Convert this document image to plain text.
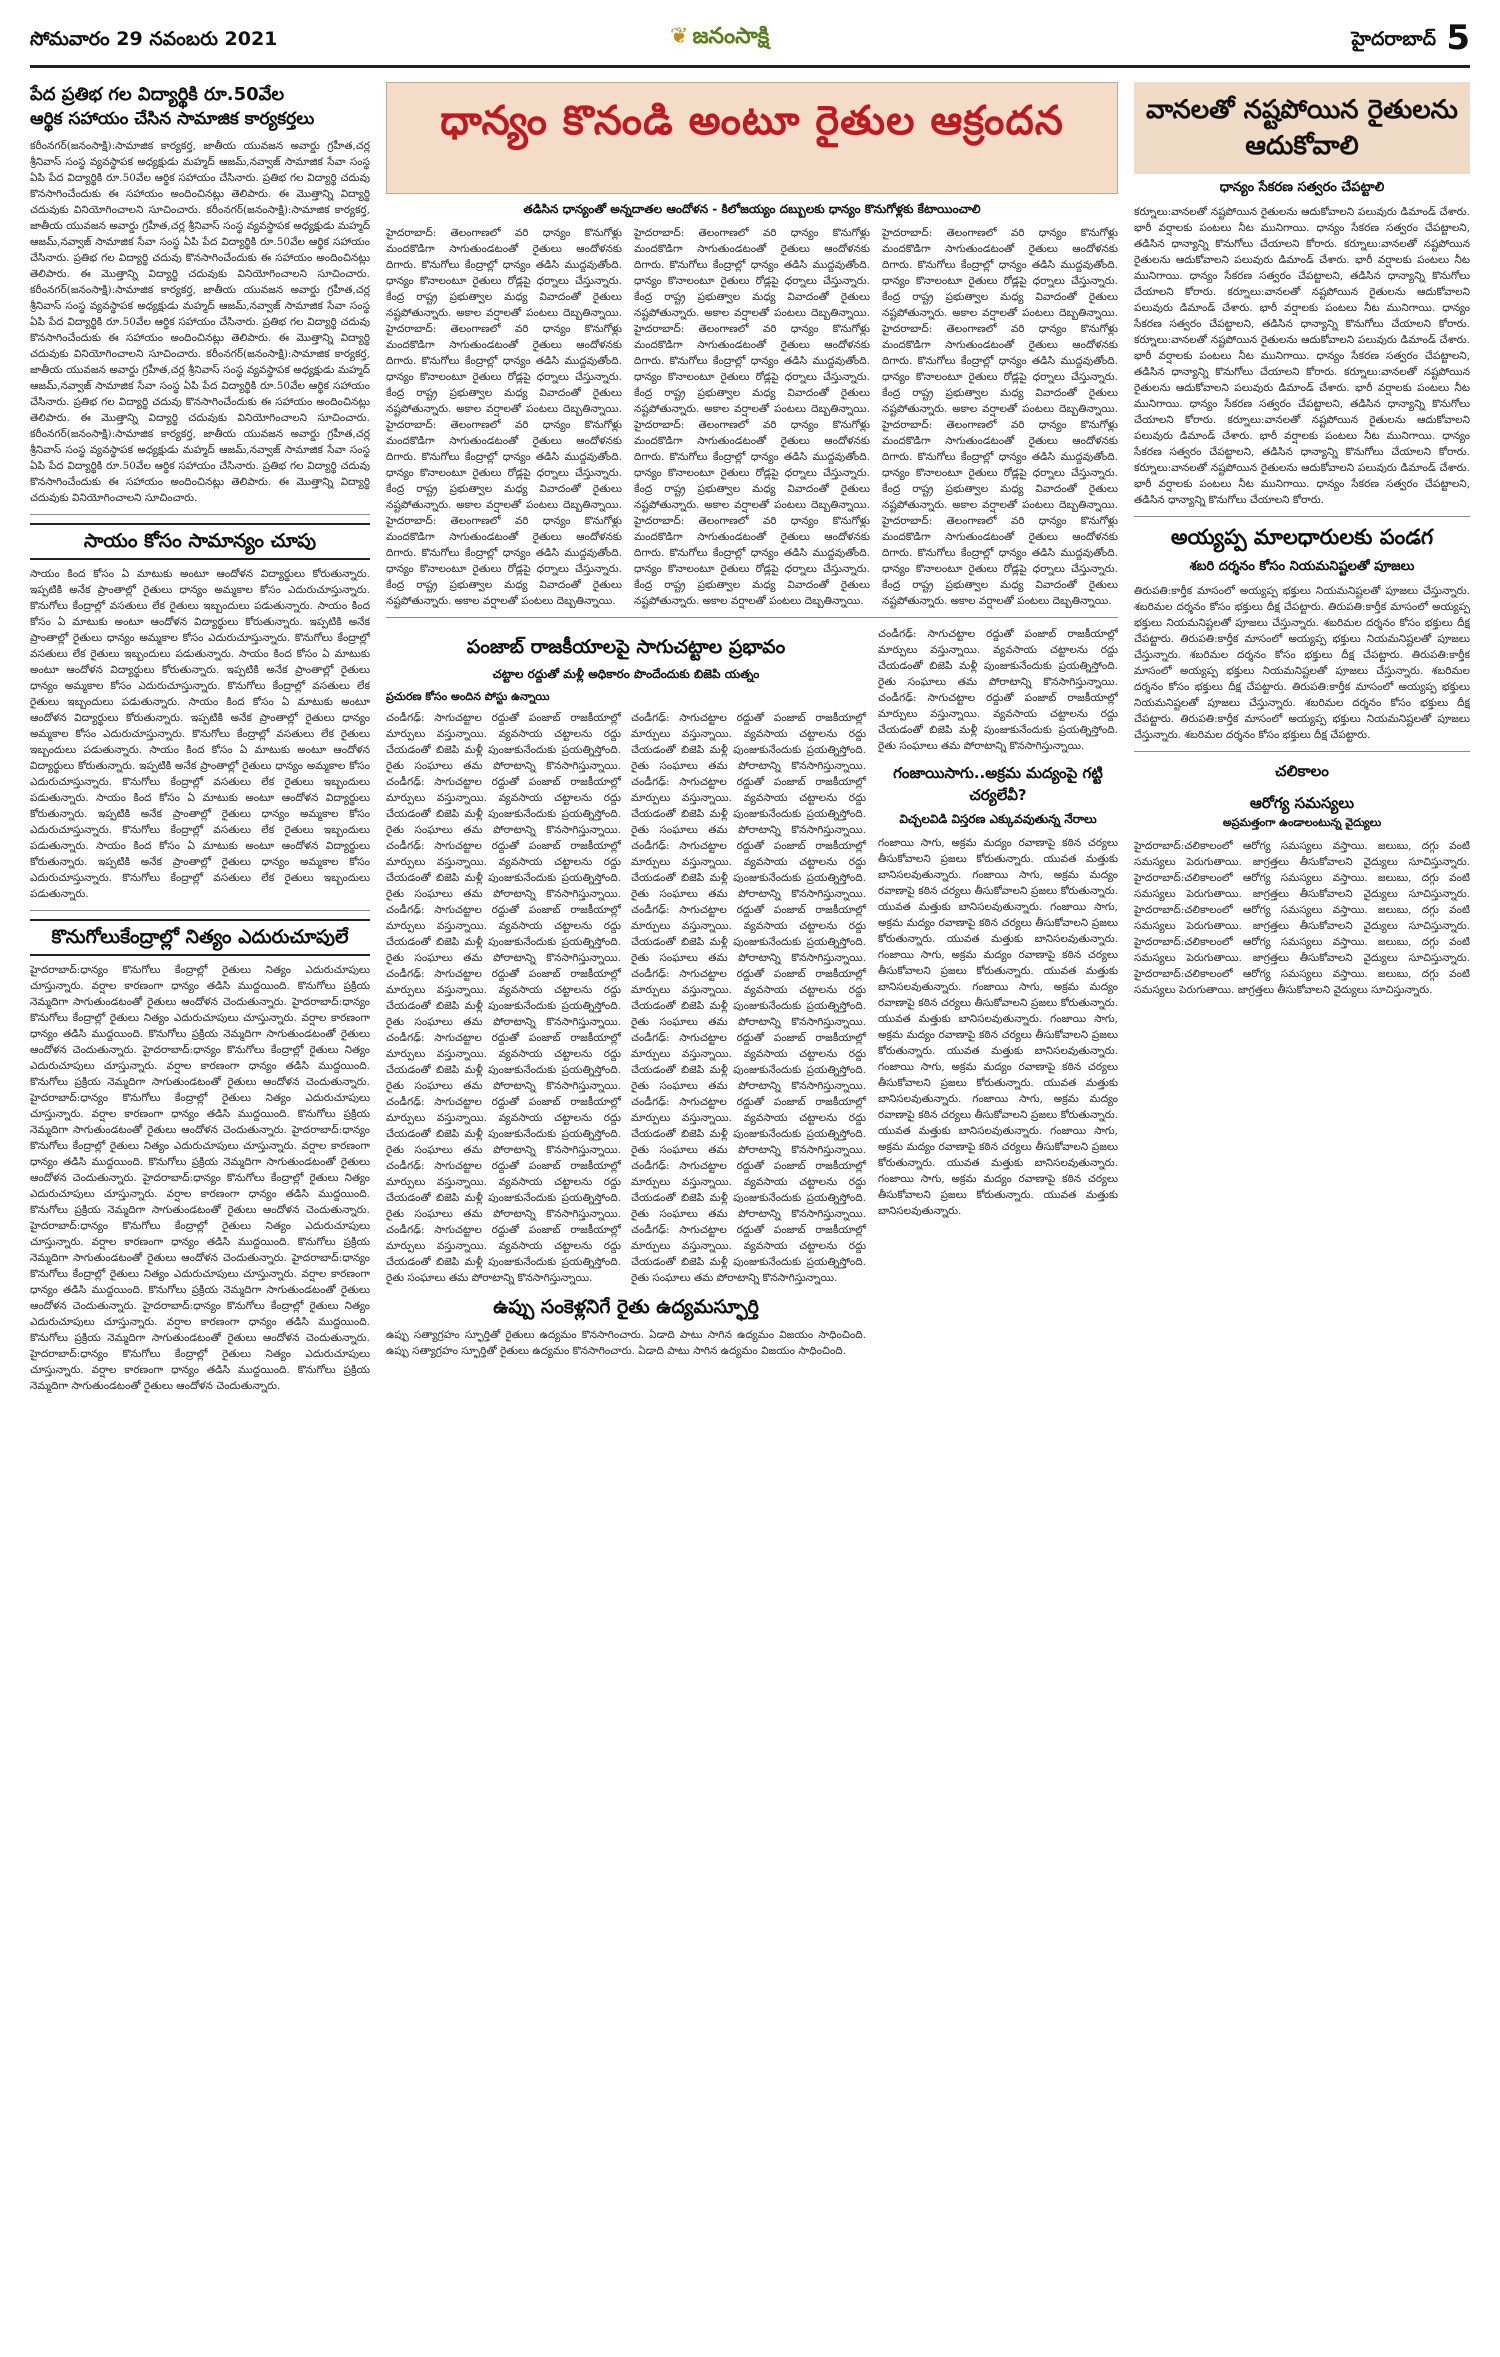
సోమవారం 29 నవంబరు 2021	❦ జనంసాక్షి	హైదరాబాద్ 5
పేద ప్రతిభ గల విద్యార్థికి రూ.50వేల
ఆర్థిక సహాయం చేసిన సామాజిక కార్యకర్తలు
కరీంనగర్(జనంసాక్షి):సామాజిక కార్యకర్త, జాతీయ యువజన అవార్డు గ్రహీత,చర్ల శ్రీనివాస్ సంస్థ వ్యవస్థాపక అధ్యక్షుడు మహ్మద్ ఆజమ్,నవ్వాజ్ సామాజిక సేవా సంస్థ ఏపి పేద విద్యార్థికి రూ.50వేల ఆర్థిక సహాయం చేసినారు. ప్రతిభ గల విద్యార్థి చదువు కొనసాగించేందుకు ఈ సహాయం అందించినట్లు తెలిపారు. ఈ మొత్తాన్ని విద్యార్థి చదువుకు వినియోగించాలని సూచించారు. కరీంనగర్(జనంసాక్షి):సామాజిక కార్యకర్త, జాతీయ యువజన అవార్డు గ్రహీత,చర్ల శ్రీనివాస్ సంస్థ వ్యవస్థాపక అధ్యక్షుడు మహ్మద్ ఆజమ్,నవ్వాజ్ సామాజిక సేవా సంస్థ ఏపి పేద విద్యార్థికి రూ.50వేల ఆర్థిక సహాయం చేసినారు. ప్రతిభ గల విద్యార్థి చదువు కొనసాగించేందుకు ఈ సహాయం అందించినట్లు తెలిపారు. ఈ మొత్తాన్ని విద్యార్థి చదువుకు వినియోగించాలని సూచించారు. కరీంనగర్(జనంసాక్షి):సామాజిక కార్యకర్త, జాతీయ యువజన అవార్డు గ్రహీత,చర్ల శ్రీనివాస్ సంస్థ వ్యవస్థాపక అధ్యక్షుడు మహ్మద్ ఆజమ్,నవ్వాజ్ సామాజిక సేవా సంస్థ ఏపి పేద విద్యార్థికి రూ.50వేల ఆర్థిక సహాయం చేసినారు. ప్రతిభ గల విద్యార్థి చదువు కొనసాగించేందుకు ఈ సహాయం అందించినట్లు తెలిపారు. ఈ మొత్తాన్ని విద్యార్థి చదువుకు వినియోగించాలని సూచించారు. కరీంనగర్(జనంసాక్షి):సామాజిక కార్యకర్త, జాతీయ యువజన అవార్డు గ్రహీత,చర్ల శ్రీనివాస్ సంస్థ వ్యవస్థాపక అధ్యక్షుడు మహ్మద్ ఆజమ్,నవ్వాజ్ సామాజిక సేవా సంస్థ ఏపి పేద విద్యార్థికి రూ.50వేల ఆర్థిక సహాయం చేసినారు. ప్రతిభ గల విద్యార్థి చదువు కొనసాగించేందుకు ఈ సహాయం అందించినట్లు తెలిపారు. ఈ మొత్తాన్ని విద్యార్థి చదువుకు వినియోగించాలని సూచించారు. కరీంనగర్(జనంసాక్షి):సామాజిక కార్యకర్త, జాతీయ యువజన అవార్డు గ్రహీత,చర్ల శ్రీనివాస్ సంస్థ వ్యవస్థాపక అధ్యక్షుడు మహ్మద్ ఆజమ్,నవ్వాజ్ సామాజిక సేవా సంస్థ ఏపి పేద విద్యార్థికి రూ.50వేల ఆర్థిక సహాయం చేసినారు. ప్రతిభ గల విద్యార్థి చదువు కొనసాగించేందుకు ఈ సహాయం అందించినట్లు తెలిపారు. ఈ మొత్తాన్ని విద్యార్థి చదువుకు వినియోగించాలని సూచించారు.
సాయం కోసం సామాన్యం చూపు
సాయం కింద కోసం ఏ మాటుకు అంటూ ఆందోళన విద్యార్థులు కోరుతున్నారు. ఇప్పటికి అనేక ప్రాంతాల్లో రైతులు ధాన్యం అమ్మకాల కోసం ఎదురుచూస్తున్నారు. కొనుగోలు కేంద్రాల్లో వసతులు లేక రైతులు ఇబ్బందులు పడుతున్నారు. సాయం కింద కోసం ఏ మాటుకు అంటూ ఆందోళన విద్యార్థులు కోరుతున్నారు. ఇప్పటికి అనేక ప్రాంతాల్లో రైతులు ధాన్యం అమ్మకాల కోసం ఎదురుచూస్తున్నారు. కొనుగోలు కేంద్రాల్లో వసతులు లేక రైతులు ఇబ్బందులు పడుతున్నారు. సాయం కింద కోసం ఏ మాటుకు అంటూ ఆందోళన విద్యార్థులు కోరుతున్నారు. ఇప్పటికి అనేక ప్రాంతాల్లో రైతులు ధాన్యం అమ్మకాల కోసం ఎదురుచూస్తున్నారు. కొనుగోలు కేంద్రాల్లో వసతులు లేక రైతులు ఇబ్బందులు పడుతున్నారు. సాయం కింద కోసం ఏ మాటుకు అంటూ ఆందోళన విద్యార్థులు కోరుతున్నారు. ఇప్పటికి అనేక ప్రాంతాల్లో రైతులు ధాన్యం అమ్మకాల కోసం ఎదురుచూస్తున్నారు. కొనుగోలు కేంద్రాల్లో వసతులు లేక రైతులు ఇబ్బందులు పడుతున్నారు. సాయం కింద కోసం ఏ మాటుకు అంటూ ఆందోళన విద్యార్థులు కోరుతున్నారు. ఇప్పటికి అనేక ప్రాంతాల్లో రైతులు ధాన్యం అమ్మకాల కోసం ఎదురుచూస్తున్నారు. కొనుగోలు కేంద్రాల్లో వసతులు లేక రైతులు ఇబ్బందులు పడుతున్నారు. సాయం కింద కోసం ఏ మాటుకు అంటూ ఆందోళన విద్యార్థులు కోరుతున్నారు. ఇప్పటికి అనేక ప్రాంతాల్లో రైతులు ధాన్యం అమ్మకాల కోసం ఎదురుచూస్తున్నారు. కొనుగోలు కేంద్రాల్లో వసతులు లేక రైతులు ఇబ్బందులు పడుతున్నారు. సాయం కింద కోసం ఏ మాటుకు అంటూ ఆందోళన విద్యార్థులు కోరుతున్నారు. ఇప్పటికి అనేక ప్రాంతాల్లో రైతులు ధాన్యం అమ్మకాల కోసం ఎదురుచూస్తున్నారు. కొనుగోలు కేంద్రాల్లో వసతులు లేక రైతులు ఇబ్బందులు పడుతున్నారు.
కొనుగోలుకేంద్రాల్లో నిత్యం ఎదురుచూపులే
హైదరాబాద్:ధాన్యం కొనుగోలు కేంద్రాల్లో రైతులు నిత్యం ఎదురుచూపులు చూస్తున్నారు. వర్షాల కారణంగా ధాన్యం తడిసి ముద్దయింది. కొనుగోలు ప్రక్రియ నెమ్మదిగా సాగుతుండటంతో రైతులు ఆందోళన చెందుతున్నారు. హైదరాబాద్:ధాన్యం కొనుగోలు కేంద్రాల్లో రైతులు నిత్యం ఎదురుచూపులు చూస్తున్నారు. వర్షాల కారణంగా ధాన్యం తడిసి ముద్దయింది. కొనుగోలు ప్రక్రియ నెమ్మదిగా సాగుతుండటంతో రైతులు ఆందోళన చెందుతున్నారు. హైదరాబాద్:ధాన్యం కొనుగోలు కేంద్రాల్లో రైతులు నిత్యం ఎదురుచూపులు చూస్తున్నారు. వర్షాల కారణంగా ధాన్యం తడిసి ముద్దయింది. కొనుగోలు ప్రక్రియ నెమ్మదిగా సాగుతుండటంతో రైతులు ఆందోళన చెందుతున్నారు. హైదరాబాద్:ధాన్యం కొనుగోలు కేంద్రాల్లో రైతులు నిత్యం ఎదురుచూపులు చూస్తున్నారు. వర్షాల కారణంగా ధాన్యం తడిసి ముద్దయింది. కొనుగోలు ప్రక్రియ నెమ్మదిగా సాగుతుండటంతో రైతులు ఆందోళన చెందుతున్నారు. హైదరాబాద్:ధాన్యం కొనుగోలు కేంద్రాల్లో రైతులు నిత్యం ఎదురుచూపులు చూస్తున్నారు. వర్షాల కారణంగా ధాన్యం తడిసి ముద్దయింది. కొనుగోలు ప్రక్రియ నెమ్మదిగా సాగుతుండటంతో రైతులు ఆందోళన చెందుతున్నారు. హైదరాబాద్:ధాన్యం కొనుగోలు కేంద్రాల్లో రైతులు నిత్యం ఎదురుచూపులు చూస్తున్నారు. వర్షాల కారణంగా ధాన్యం తడిసి ముద్దయింది. కొనుగోలు ప్రక్రియ నెమ్మదిగా సాగుతుండటంతో రైతులు ఆందోళన చెందుతున్నారు. హైదరాబాద్:ధాన్యం కొనుగోలు కేంద్రాల్లో రైతులు నిత్యం ఎదురుచూపులు చూస్తున్నారు. వర్షాల కారణంగా ధాన్యం తడిసి ముద్దయింది. కొనుగోలు ప్రక్రియ నెమ్మదిగా సాగుతుండటంతో రైతులు ఆందోళన చెందుతున్నారు. హైదరాబాద్:ధాన్యం కొనుగోలు కేంద్రాల్లో రైతులు నిత్యం ఎదురుచూపులు చూస్తున్నారు. వర్షాల కారణంగా ధాన్యం తడిసి ముద్దయింది. కొనుగోలు ప్రక్రియ నెమ్మదిగా సాగుతుండటంతో రైతులు ఆందోళన చెందుతున్నారు. హైదరాబాద్:ధాన్యం కొనుగోలు కేంద్రాల్లో రైతులు నిత్యం ఎదురుచూపులు చూస్తున్నారు. వర్షాల కారణంగా ధాన్యం తడిసి ముద్దయింది. కొనుగోలు ప్రక్రియ నెమ్మదిగా సాగుతుండటంతో రైతులు ఆందోళన చెందుతున్నారు. హైదరాబాద్:ధాన్యం కొనుగోలు కేంద్రాల్లో రైతులు నిత్యం ఎదురుచూపులు చూస్తున్నారు. వర్షాల కారణంగా ధాన్యం తడిసి ముద్దయింది. కొనుగోలు ప్రక్రియ నెమ్మదిగా సాగుతుండటంతో రైతులు ఆందోళన చెందుతున్నారు.
ధాన్యం కొనండి అంటూ రైతుల ఆక్రందన
తడిసిన ధాన్యంతో అన్నదాతల ఆందోళన - కిలోజయ్యం దబ్బులకు ధాన్యం కొనుగోళ్లకు కేటాయించాలి
హైదరాబాద్‌: తెలంగాణలో వరి ధాన్యం కొనుగోళ్లు మందకొడిగా సాగుతుండటంతో రైతులు ఆందోళనకు దిగారు. కొనుగోలు కేంద్రాల్లో ధాన్యం తడిసి ముద్దవుతోంది. ధాన్యం కొనాలంటూ రైతులు రోడ్లపై ధర్నాలు చేస్తున్నారు. కేంద్ర రాష్ట్ర ప్రభుత్వాల మధ్య వివాదంతో రైతులు నష్టపోతున్నారు. అకాల వర్షాలతో పంటలు దెబ్బతిన్నాయి. హైదరాబాద్‌: తెలంగాణలో వరి ధాన్యం కొనుగోళ్లు మందకొడిగా సాగుతుండటంతో రైతులు ఆందోళనకు దిగారు. కొనుగోలు కేంద్రాల్లో ధాన్యం తడిసి ముద్దవుతోంది. ధాన్యం కొనాలంటూ రైతులు రోడ్లపై ధర్నాలు చేస్తున్నారు. కేంద్ర రాష్ట్ర ప్రభుత్వాల మధ్య వివాదంతో రైతులు నష్టపోతున్నారు. అకాల వర్షాలతో పంటలు దెబ్బతిన్నాయి. హైదరాబాద్‌: తెలంగాణలో వరి ధాన్యం కొనుగోళ్లు మందకొడిగా సాగుతుండటంతో రైతులు ఆందోళనకు దిగారు. కొనుగోలు కేంద్రాల్లో ధాన్యం తడిసి ముద్దవుతోంది. ధాన్యం కొనాలంటూ రైతులు రోడ్లపై ధర్నాలు చేస్తున్నారు. కేంద్ర రాష్ట్ర ప్రభుత్వాల మధ్య వివాదంతో రైతులు నష్టపోతున్నారు. అకాల వర్షాలతో పంటలు దెబ్బతిన్నాయి. హైదరాబాద్‌: తెలంగాణలో వరి ధాన్యం కొనుగోళ్లు మందకొడిగా సాగుతుండటంతో రైతులు ఆందోళనకు దిగారు. కొనుగోలు కేంద్రాల్లో ధాన్యం తడిసి ముద్దవుతోంది. ధాన్యం కొనాలంటూ రైతులు రోడ్లపై ధర్నాలు చేస్తున్నారు. కేంద్ర రాష్ట్ర ప్రభుత్వాల మధ్య వివాదంతో రైతులు నష్టపోతున్నారు. అకాల వర్షాలతో పంటలు దెబ్బతిన్నాయి.
హైదరాబాద్‌: తెలంగాణలో వరి ధాన్యం కొనుగోళ్లు మందకొడిగా సాగుతుండటంతో రైతులు ఆందోళనకు దిగారు. కొనుగోలు కేంద్రాల్లో ధాన్యం తడిసి ముద్దవుతోంది. ధాన్యం కొనాలంటూ రైతులు రోడ్లపై ధర్నాలు చేస్తున్నారు. కేంద్ర రాష్ట్ర ప్రభుత్వాల మధ్య వివాదంతో రైతులు నష్టపోతున్నారు. అకాల వర్షాలతో పంటలు దెబ్బతిన్నాయి. హైదరాబాద్‌: తెలంగాణలో వరి ధాన్యం కొనుగోళ్లు మందకొడిగా సాగుతుండటంతో రైతులు ఆందోళనకు దిగారు. కొనుగోలు కేంద్రాల్లో ధాన్యం తడిసి ముద్దవుతోంది. ధాన్యం కొనాలంటూ రైతులు రోడ్లపై ధర్నాలు చేస్తున్నారు. కేంద్ర రాష్ట్ర ప్రభుత్వాల మధ్య వివాదంతో రైతులు నష్టపోతున్నారు. అకాల వర్షాలతో పంటలు దెబ్బతిన్నాయి. హైదరాబాద్‌: తెలంగాణలో వరి ధాన్యం కొనుగోళ్లు మందకొడిగా సాగుతుండటంతో రైతులు ఆందోళనకు దిగారు. కొనుగోలు కేంద్రాల్లో ధాన్యం తడిసి ముద్దవుతోంది. ధాన్యం కొనాలంటూ రైతులు రోడ్లపై ధర్నాలు చేస్తున్నారు. కేంద్ర రాష్ట్ర ప్రభుత్వాల మధ్య వివాదంతో రైతులు నష్టపోతున్నారు. అకాల వర్షాలతో పంటలు దెబ్బతిన్నాయి. హైదరాబాద్‌: తెలంగాణలో వరి ధాన్యం కొనుగోళ్లు మందకొడిగా సాగుతుండటంతో రైతులు ఆందోళనకు దిగారు. కొనుగోలు కేంద్రాల్లో ధాన్యం తడిసి ముద్దవుతోంది. ధాన్యం కొనాలంటూ రైతులు రోడ్లపై ధర్నాలు చేస్తున్నారు. కేంద్ర రాష్ట్ర ప్రభుత్వాల మధ్య వివాదంతో రైతులు నష్టపోతున్నారు. అకాల వర్షాలతో పంటలు దెబ్బతిన్నాయి.
హైదరాబాద్‌: తెలంగాణలో వరి ధాన్యం కొనుగోళ్లు మందకొడిగా సాగుతుండటంతో రైతులు ఆందోళనకు దిగారు. కొనుగోలు కేంద్రాల్లో ధాన్యం తడిసి ముద్దవుతోంది. ధాన్యం కొనాలంటూ రైతులు రోడ్లపై ధర్నాలు చేస్తున్నారు. కేంద్ర రాష్ట్ర ప్రభుత్వాల మధ్య వివాదంతో రైతులు నష్టపోతున్నారు. అకాల వర్షాలతో పంటలు దెబ్బతిన్నాయి. హైదరాబాద్‌: తెలంగాణలో వరి ధాన్యం కొనుగోళ్లు మందకొడిగా సాగుతుండటంతో రైతులు ఆందోళనకు దిగారు. కొనుగోలు కేంద్రాల్లో ధాన్యం తడిసి ముద్దవుతోంది. ధాన్యం కొనాలంటూ రైతులు రోడ్లపై ధర్నాలు చేస్తున్నారు. కేంద్ర రాష్ట్ర ప్రభుత్వాల మధ్య వివాదంతో రైతులు నష్టపోతున్నారు. అకాల వర్షాలతో పంటలు దెబ్బతిన్నాయి. హైదరాబాద్‌: తెలంగాణలో వరి ధాన్యం కొనుగోళ్లు మందకొడిగా సాగుతుండటంతో రైతులు ఆందోళనకు దిగారు. కొనుగోలు కేంద్రాల్లో ధాన్యం తడిసి ముద్దవుతోంది. ధాన్యం కొనాలంటూ రైతులు రోడ్లపై ధర్నాలు చేస్తున్నారు. కేంద్ర రాష్ట్ర ప్రభుత్వాల మధ్య వివాదంతో రైతులు నష్టపోతున్నారు. అకాల వర్షాలతో పంటలు దెబ్బతిన్నాయి. హైదరాబాద్‌: తెలంగాణలో వరి ధాన్యం కొనుగోళ్లు మందకొడిగా సాగుతుండటంతో రైతులు ఆందోళనకు దిగారు. కొనుగోలు కేంద్రాల్లో ధాన్యం తడిసి ముద్దవుతోంది. ధాన్యం కొనాలంటూ రైతులు రోడ్లపై ధర్నాలు చేస్తున్నారు. కేంద్ర రాష్ట్ర ప్రభుత్వాల మధ్య వివాదంతో రైతులు నష్టపోతున్నారు. అకాల వర్షాలతో పంటలు దెబ్బతిన్నాయి.
పంజాబ్ రాజకీయాలపై సాగుచట్టాల ప్రభావం
చట్టాల రద్దుతో మళ్లీ అధికారం పొందేందుకు బిజెపి యత్నం
ప్రచురణ కోసం అందిన పోస్టు ఉన్నాయి
చండీగఢ్‌: సాగుచట్టాల రద్దుతో పంజాబ్‌ రాజకీయాల్లో మార్పులు వస్తున్నాయి. వ్యవసాయ చట్టాలను రద్దు చేయడంతో బిజెపి మళ్లీ పుంజుకునేందుకు ప్రయత్నిస్తోంది. రైతు సంఘాలు తమ పోరాటాన్ని కొనసాగిస్తున్నాయి. చండీగఢ్‌: సాగుచట్టాల రద్దుతో పంజాబ్‌ రాజకీయాల్లో మార్పులు వస్తున్నాయి. వ్యవసాయ చట్టాలను రద్దు చేయడంతో బిజెపి మళ్లీ పుంజుకునేందుకు ప్రయత్నిస్తోంది. రైతు సంఘాలు తమ పోరాటాన్ని కొనసాగిస్తున్నాయి. చండీగఢ్‌: సాగుచట్టాల రద్దుతో పంజాబ్‌ రాజకీయాల్లో మార్పులు వస్తున్నాయి. వ్యవసాయ చట్టాలను రద్దు చేయడంతో బిజెపి మళ్లీ పుంజుకునేందుకు ప్రయత్నిస్తోంది. రైతు సంఘాలు తమ పోరాటాన్ని కొనసాగిస్తున్నాయి. చండీగఢ్‌: సాగుచట్టాల రద్దుతో పంజాబ్‌ రాజకీయాల్లో మార్పులు వస్తున్నాయి. వ్యవసాయ చట్టాలను రద్దు చేయడంతో బిజెపి మళ్లీ పుంజుకునేందుకు ప్రయత్నిస్తోంది. రైతు సంఘాలు తమ పోరాటాన్ని కొనసాగిస్తున్నాయి. చండీగఢ్‌: సాగుచట్టాల రద్దుతో పంజాబ్‌ రాజకీయాల్లో మార్పులు వస్తున్నాయి. వ్యవసాయ చట్టాలను రద్దు చేయడంతో బిజెపి మళ్లీ పుంజుకునేందుకు ప్రయత్నిస్తోంది. రైతు సంఘాలు తమ పోరాటాన్ని కొనసాగిస్తున్నాయి. చండీగఢ్‌: సాగుచట్టాల రద్దుతో పంజాబ్‌ రాజకీయాల్లో మార్పులు వస్తున్నాయి. వ్యవసాయ చట్టాలను రద్దు చేయడంతో బిజెపి మళ్లీ పుంజుకునేందుకు ప్రయత్నిస్తోంది. రైతు సంఘాలు తమ పోరాటాన్ని కొనసాగిస్తున్నాయి. చండీగఢ్‌: సాగుచట్టాల రద్దుతో పంజాబ్‌ రాజకీయాల్లో మార్పులు వస్తున్నాయి. వ్యవసాయ చట్టాలను రద్దు చేయడంతో బిజెపి మళ్లీ పుంజుకునేందుకు ప్రయత్నిస్తోంది. రైతు సంఘాలు తమ పోరాటాన్ని కొనసాగిస్తున్నాయి. చండీగఢ్‌: సాగుచట్టాల రద్దుతో పంజాబ్‌ రాజకీయాల్లో మార్పులు వస్తున్నాయి. వ్యవసాయ చట్టాలను రద్దు చేయడంతో బిజెపి మళ్లీ పుంజుకునేందుకు ప్రయత్నిస్తోంది. రైతు సంఘాలు తమ పోరాటాన్ని కొనసాగిస్తున్నాయి. చండీగఢ్‌: సాగుచట్టాల రద్దుతో పంజాబ్‌ రాజకీయాల్లో మార్పులు వస్తున్నాయి. వ్యవసాయ చట్టాలను రద్దు చేయడంతో బిజెపి మళ్లీ పుంజుకునేందుకు ప్రయత్నిస్తోంది. రైతు సంఘాలు తమ పోరాటాన్ని కొనసాగిస్తున్నాయి.
చండీగఢ్‌: సాగుచట్టాల రద్దుతో పంజాబ్‌ రాజకీయాల్లో మార్పులు వస్తున్నాయి. వ్యవసాయ చట్టాలను రద్దు చేయడంతో బిజెపి మళ్లీ పుంజుకునేందుకు ప్రయత్నిస్తోంది. రైతు సంఘాలు తమ పోరాటాన్ని కొనసాగిస్తున్నాయి. చండీగఢ్‌: సాగుచట్టాల రద్దుతో పంజాబ్‌ రాజకీయాల్లో మార్పులు వస్తున్నాయి. వ్యవసాయ చట్టాలను రద్దు చేయడంతో బిజెపి మళ్లీ పుంజుకునేందుకు ప్రయత్నిస్తోంది. రైతు సంఘాలు తమ పోరాటాన్ని కొనసాగిస్తున్నాయి. చండీగఢ్‌: సాగుచట్టాల రద్దుతో పంజాబ్‌ రాజకీయాల్లో మార్పులు వస్తున్నాయి. వ్యవసాయ చట్టాలను రద్దు చేయడంతో బిజెపి మళ్లీ పుంజుకునేందుకు ప్రయత్నిస్తోంది. రైతు సంఘాలు తమ పోరాటాన్ని కొనసాగిస్తున్నాయి. చండీగఢ్‌: సాగుచట్టాల రద్దుతో పంజాబ్‌ రాజకీయాల్లో మార్పులు వస్తున్నాయి. వ్యవసాయ చట్టాలను రద్దు చేయడంతో బిజెపి మళ్లీ పుంజుకునేందుకు ప్రయత్నిస్తోంది. రైతు సంఘాలు తమ పోరాటాన్ని కొనసాగిస్తున్నాయి. చండీగఢ్‌: సాగుచట్టాల రద్దుతో పంజాబ్‌ రాజకీయాల్లో మార్పులు వస్తున్నాయి. వ్యవసాయ చట్టాలను రద్దు చేయడంతో బిజెపి మళ్లీ పుంజుకునేందుకు ప్రయత్నిస్తోంది. రైతు సంఘాలు తమ పోరాటాన్ని కొనసాగిస్తున్నాయి. చండీగఢ్‌: సాగుచట్టాల రద్దుతో పంజాబ్‌ రాజకీయాల్లో మార్పులు వస్తున్నాయి. వ్యవసాయ చట్టాలను రద్దు చేయడంతో బిజెపి మళ్లీ పుంజుకునేందుకు ప్రయత్నిస్తోంది. రైతు సంఘాలు తమ పోరాటాన్ని కొనసాగిస్తున్నాయి. చండీగఢ్‌: సాగుచట్టాల రద్దుతో పంజాబ్‌ రాజకీయాల్లో మార్పులు వస్తున్నాయి. వ్యవసాయ చట్టాలను రద్దు చేయడంతో బిజెపి మళ్లీ పుంజుకునేందుకు ప్రయత్నిస్తోంది. రైతు సంఘాలు తమ పోరాటాన్ని కొనసాగిస్తున్నాయి. చండీగఢ్‌: సాగుచట్టాల రద్దుతో పంజాబ్‌ రాజకీయాల్లో మార్పులు వస్తున్నాయి. వ్యవసాయ చట్టాలను రద్దు చేయడంతో బిజెపి మళ్లీ పుంజుకునేందుకు ప్రయత్నిస్తోంది. రైతు సంఘాలు తమ పోరాటాన్ని కొనసాగిస్తున్నాయి. చండీగఢ్‌: సాగుచట్టాల రద్దుతో పంజాబ్‌ రాజకీయాల్లో మార్పులు వస్తున్నాయి. వ్యవసాయ చట్టాలను రద్దు చేయడంతో బిజెపి మళ్లీ పుంజుకునేందుకు ప్రయత్నిస్తోంది. రైతు సంఘాలు తమ పోరాటాన్ని కొనసాగిస్తున్నాయి.
ఉప్పు సంకెళ్లనిగే రైతు ఉద్యమస్ఫూర్తి
ఉప్పు సత్యాగ్రహం స్ఫూర్తితో రైతులు ఉద్యమం కొనసాగించారు. ఏడాది పాటు సాగిన ఉద్యమం విజయం సాధించింది. ఉప్పు సత్యాగ్రహం స్ఫూర్తితో రైతులు ఉద్యమం కొనసాగించారు. ఏడాది పాటు సాగిన ఉద్యమం విజయం సాధించింది.
చండీగఢ్‌: సాగుచట్టాల రద్దుతో పంజాబ్‌ రాజకీయాల్లో మార్పులు వస్తున్నాయి. వ్యవసాయ చట్టాలను రద్దు చేయడంతో బిజెపి మళ్లీ పుంజుకునేందుకు ప్రయత్నిస్తోంది. రైతు సంఘాలు తమ పోరాటాన్ని కొనసాగిస్తున్నాయి. చండీగఢ్‌: సాగుచట్టాల రద్దుతో పంజాబ్‌ రాజకీయాల్లో మార్పులు వస్తున్నాయి. వ్యవసాయ చట్టాలను రద్దు చేయడంతో బిజెపి మళ్లీ పుంజుకునేందుకు ప్రయత్నిస్తోంది. రైతు సంఘాలు తమ పోరాటాన్ని కొనసాగిస్తున్నాయి.
గంజాయిసాగు..అక్రమ మద్యంపై గట్టి చర్యలేవీ?
విచ్చలవిడి విస్తరణ ఎక్కువవుతున్న నేరాలు
గంజాయి సాగు, అక్రమ మద్యం రవాణాపై కఠిన చర్యలు తీసుకోవాలని ప్రజలు కోరుతున్నారు. యువత మత్తుకు బానిసలవుతున్నారు. గంజాయి సాగు, అక్రమ మద్యం రవాణాపై కఠిన చర్యలు తీసుకోవాలని ప్రజలు కోరుతున్నారు. యువత మత్తుకు బానిసలవుతున్నారు. గంజాయి సాగు, అక్రమ మద్యం రవాణాపై కఠిన చర్యలు తీసుకోవాలని ప్రజలు కోరుతున్నారు. యువత మత్తుకు బానిసలవుతున్నారు. గంజాయి సాగు, అక్రమ మద్యం రవాణాపై కఠిన చర్యలు తీసుకోవాలని ప్రజలు కోరుతున్నారు. యువత మత్తుకు బానిసలవుతున్నారు. గంజాయి సాగు, అక్రమ మద్యం రవాణాపై కఠిన చర్యలు తీసుకోవాలని ప్రజలు కోరుతున్నారు. యువత మత్తుకు బానిసలవుతున్నారు. గంజాయి సాగు, అక్రమ మద్యం రవాణాపై కఠిన చర్యలు తీసుకోవాలని ప్రజలు కోరుతున్నారు. యువత మత్తుకు బానిసలవుతున్నారు. గంజాయి సాగు, అక్రమ మద్యం రవాణాపై కఠిన చర్యలు తీసుకోవాలని ప్రజలు కోరుతున్నారు. యువత మత్తుకు బానిసలవుతున్నారు. గంజాయి సాగు, అక్రమ మద్యం రవాణాపై కఠిన చర్యలు తీసుకోవాలని ప్రజలు కోరుతున్నారు. యువత మత్తుకు బానిసలవుతున్నారు. గంజాయి సాగు, అక్రమ మద్యం రవాణాపై కఠిన చర్యలు తీసుకోవాలని ప్రజలు కోరుతున్నారు. యువత మత్తుకు బానిసలవుతున్నారు. గంజాయి సాగు, అక్రమ మద్యం రవాణాపై కఠిన చర్యలు తీసుకోవాలని ప్రజలు కోరుతున్నారు. యువత మత్తుకు బానిసలవుతున్నారు.
వానలతో నష్టపోయిన రైతులను ఆదుకోవాలి
ధాన్యం సేకరణ సత్వరం చేపట్టాలి
కర్నూలు:వానలతో నష్టపోయిన రైతులను ఆదుకోవాలని పలువురు డిమాండ్ చేశారు. భారీ వర్షాలకు పంటలు నీట మునిగాయి. ధాన్యం సేకరణ సత్వరం చేపట్టాలని, తడిసిన ధాన్యాన్ని కొనుగోలు చేయాలని కోరారు. కర్నూలు:వానలతో నష్టపోయిన రైతులను ఆదుకోవాలని పలువురు డిమాండ్ చేశారు. భారీ వర్షాలకు పంటలు నీట మునిగాయి. ధాన్యం సేకరణ సత్వరం చేపట్టాలని, తడిసిన ధాన్యాన్ని కొనుగోలు చేయాలని కోరారు. కర్నూలు:వానలతో నష్టపోయిన రైతులను ఆదుకోవాలని పలువురు డిమాండ్ చేశారు. భారీ వర్షాలకు పంటలు నీట మునిగాయి. ధాన్యం సేకరణ సత్వరం చేపట్టాలని, తడిసిన ధాన్యాన్ని కొనుగోలు చేయాలని కోరారు. కర్నూలు:వానలతో నష్టపోయిన రైతులను ఆదుకోవాలని పలువురు డిమాండ్ చేశారు. భారీ వర్షాలకు పంటలు నీట మునిగాయి. ధాన్యం సేకరణ సత్వరం చేపట్టాలని, తడిసిన ధాన్యాన్ని కొనుగోలు చేయాలని కోరారు. కర్నూలు:వానలతో నష్టపోయిన రైతులను ఆదుకోవాలని పలువురు డిమాండ్ చేశారు. భారీ వర్షాలకు పంటలు నీట మునిగాయి. ధాన్యం సేకరణ సత్వరం చేపట్టాలని, తడిసిన ధాన్యాన్ని కొనుగోలు చేయాలని కోరారు. కర్నూలు:వానలతో నష్టపోయిన రైతులను ఆదుకోవాలని పలువురు డిమాండ్ చేశారు. భారీ వర్షాలకు పంటలు నీట మునిగాయి. ధాన్యం సేకరణ సత్వరం చేపట్టాలని, తడిసిన ధాన్యాన్ని కొనుగోలు చేయాలని కోరారు. కర్నూలు:వానలతో నష్టపోయిన రైతులను ఆదుకోవాలని పలువురు డిమాండ్ చేశారు. భారీ వర్షాలకు పంటలు నీట మునిగాయి. ధాన్యం సేకరణ సత్వరం చేపట్టాలని, తడిసిన ధాన్యాన్ని కొనుగోలు చేయాలని కోరారు.
అయ్యప్ప మాలధారులకు పండగ
శబరి దర్శనం కోసం నియమనిష్టలతో పూజలు
తిరుపతి:కార్తీక మాసంలో అయ్యప్ప భక్తులు నియమనిష్టలతో పూజలు చేస్తున్నారు. శబరిమల దర్శనం కోసం భక్తులు దీక్ష చేపట్టారు. తిరుపతి:కార్తీక మాసంలో అయ్యప్ప భక్తులు నియమనిష్టలతో పూజలు చేస్తున్నారు. శబరిమల దర్శనం కోసం భక్తులు దీక్ష చేపట్టారు. తిరుపతి:కార్తీక మాసంలో అయ్యప్ప భక్తులు నియమనిష్టలతో పూజలు చేస్తున్నారు. శబరిమల దర్శనం కోసం భక్తులు దీక్ష చేపట్టారు. తిరుపతి:కార్తీక మాసంలో అయ్యప్ప భక్తులు నియమనిష్టలతో పూజలు చేస్తున్నారు. శబరిమల దర్శనం కోసం భక్తులు దీక్ష చేపట్టారు. తిరుపతి:కార్తీక మాసంలో అయ్యప్ప భక్తులు నియమనిష్టలతో పూజలు చేస్తున్నారు. శబరిమల దర్శనం కోసం భక్తులు దీక్ష చేపట్టారు. తిరుపతి:కార్తీక మాసంలో అయ్యప్ప భక్తులు నియమనిష్టలతో పూజలు చేస్తున్నారు. శబరిమల దర్శనం కోసం భక్తులు దీక్ష చేపట్టారు.
చలికాలం
ఆరోగ్య సమస్యలు
అప్రమత్తంగా ఉండాలంటున్న వైద్యులు
హైదరాబాద్:చలికాలంలో ఆరోగ్య సమస్యలు వస్తాయి. జలుబు, దగ్గు వంటి సమస్యలు పెరుగుతాయి. జాగ్రత్తలు తీసుకోవాలని వైద్యులు సూచిస్తున్నారు. హైదరాబాద్:చలికాలంలో ఆరోగ్య సమస్యలు వస్తాయి. జలుబు, దగ్గు వంటి సమస్యలు పెరుగుతాయి. జాగ్రత్తలు తీసుకోవాలని వైద్యులు సూచిస్తున్నారు. హైదరాబాద్:చలికాలంలో ఆరోగ్య సమస్యలు వస్తాయి. జలుబు, దగ్గు వంటి సమస్యలు పెరుగుతాయి. జాగ్రత్తలు తీసుకోవాలని వైద్యులు సూచిస్తున్నారు. హైదరాబాద్:చలికాలంలో ఆరోగ్య సమస్యలు వస్తాయి. జలుబు, దగ్గు వంటి సమస్యలు పెరుగుతాయి. జాగ్రత్తలు తీసుకోవాలని వైద్యులు సూచిస్తున్నారు. హైదరాబాద్:చలికాలంలో ఆరోగ్య సమస్యలు వస్తాయి. జలుబు, దగ్గు వంటి సమస్యలు పెరుగుతాయి. జాగ్రత్తలు తీసుకోవాలని వైద్యులు సూచిస్తున్నారు.
